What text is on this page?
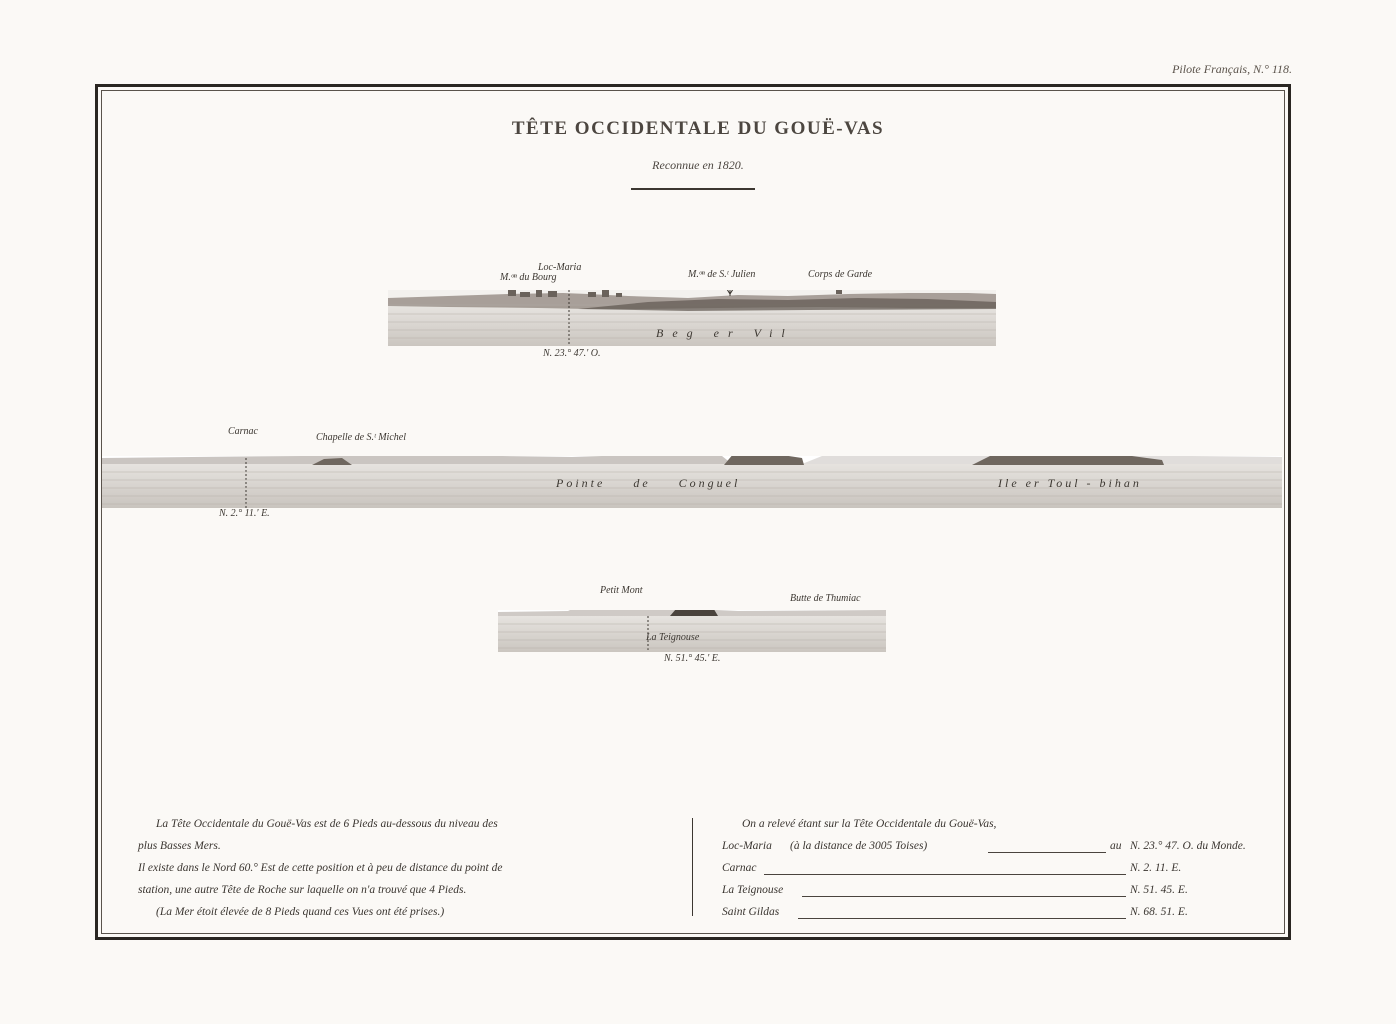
Pilote Français, N.° 118.
TÊTE OCCIDENTALE DU GOUË-VAS
Reconnue en 1820.
M.ᵒⁿ du Bourg
Loc-Maria
M.ᵒⁿ de S.ᵗ Julien	Corps de Garde
Beg er Vil
N. 23.° 47.' O.
Carnac
Chapelle de S.ᵗ Michel
Pointe de Conguel	Ile er Toul - bihan
N. 2.° 11.' E.
Petit Mont
Butte de Thumiac
La Teignouse
N. 51.° 45.' E.
La Tête Occidentale du Gouë-Vas est de 6 Pieds au-dessous du niveau des
plus Basses Mers.
Il existe dans le Nord 60.° Est de cette position et à peu de distance du point de
station, une autre Tête de Roche sur laquelle on n'a trouvé que 4 Pieds.
(La Mer étoit élevée de 8 Pieds quand ces Vues ont été prises.)
On a relevé étant sur la Tête Occidentale du Gouë-Vas,
Loc-Maria (à la distance de 3005 Toises)	au N. 23.° 47. O. du Monde.
Carnac	N. 2. 11. E.
La Teignouse	N. 51. 45. E.
Saint Gildas	N. 68. 51. E.
